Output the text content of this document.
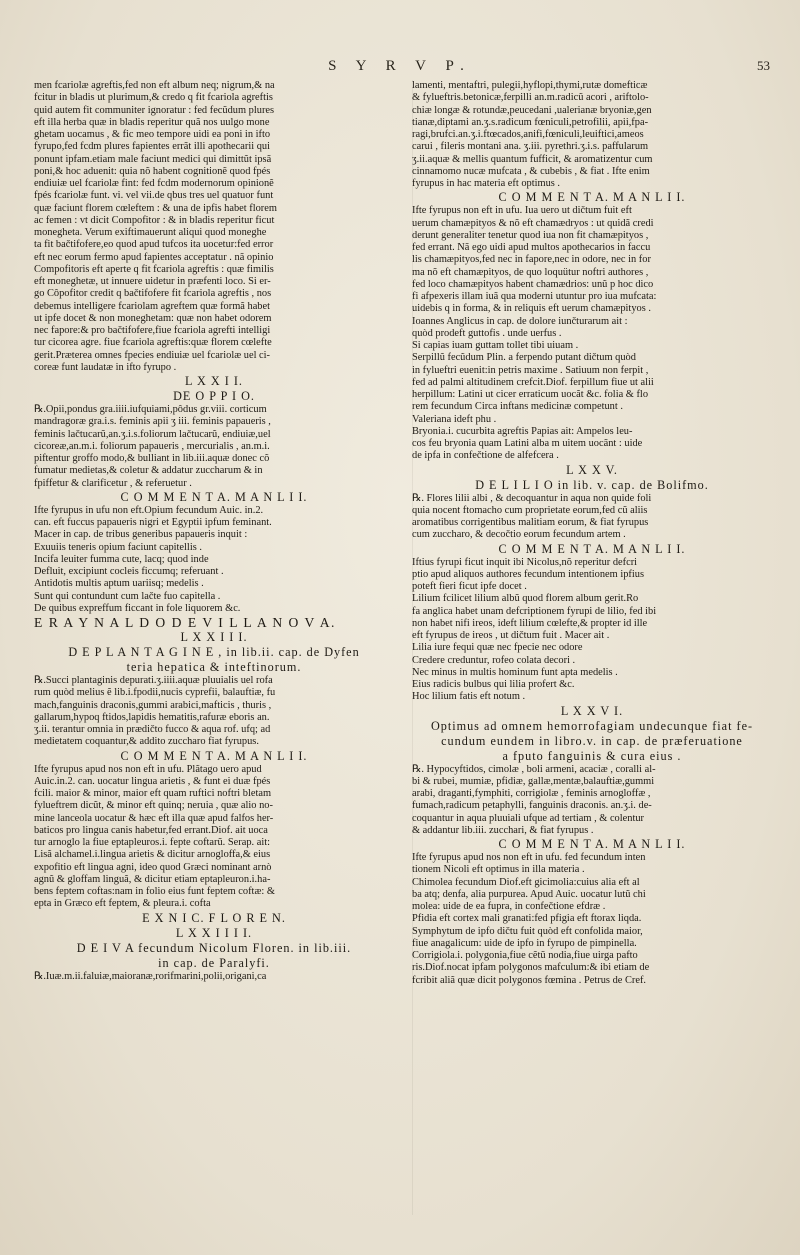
S Y R V P.	53
men fcariolæ agreftis,fed non eft album neq; nigrum,& na
fcitur in bladis ut plurimum,& credo q fit fcariola agreftis
quid autem fit communiter ignoratur : fed fecũdum plures
eft illa herba quæ in bladis reperitur quã nos uulgo mone
ghetam uocamus , & fic meo tempore uidi ea poni in ifto
fyrupo,fed fcdm plures fapientes errãt illi apothecarii qui
ponunt ipfam.etiam male faciunt medici qui dimittũt ipsã
poni,& hoc aduenit: quia nõ habent cognitionẽ quod fpés
endiuiæ uel fcariolæ fint: fed fcdm modernorum opinionẽ
fpés fcariolæ funt. vi. vel vii.de qbus tres uel quatuor funt
quæ faciunt florem cœleftem : & una de ipfis habet florem
ac femen : vt dicit Compofitor : & in bladis reperitur ficut
monegheta. Verum exiftimauerunt aliqui quod moneghe
ta fit bačtifofere,eo quod apud tufcos ita uocetur:fed error
eft nec eorum fermo apud fapientes acceptatur . nã opinio
Compofitoris eft aperte q fit fcariola agreftis : quæ fimilis
eft moneghetæ, ut innuere uidetur in præfenti loco. Si er-
go Côpofitor credit q bačtifofere fit fcariola agreftis , nos
debemus intelligere fcariolam agreftem quæ formã habet
ut ipfe docet & non moneghetam: quæ non habet odorem
nec fapore:& pro bačtifofere,fiue fcariola agrefti intelligi
tur cicorea agre. fiue fcariola agreftis:quæ florem cœlefte
gerit.Præterea omnes fpecies endiuiæ uel fcariolæ uel ci-
coreæ funt laudatæ in ifto fyrupo .
L X X I I.
DE O P P I O.
℞.Opii,pondus gra.iiii.iufquiami,pôdus gr.viii. corticum
mandragoræ gra.i.s. feminis apii ʒ iii. feminis papaueris ,
feminis lačtucarũ,an.ʒ.i.s.foliorum lačtucarũ, endiuiæ,uel
cicoreæ,an.m.i. foliorum papaueris , mercurialis , an.m.i.
piftentur groffo modo,& bulliant in lib.iii.aquæ donec cõ
fumatur medietas,& coletur & addatur zuccharum & in
fpiffetur & clarificetur , & referuetur .
C O M M E N T A. M A N L I I.
Ifte fyrupus in ufu non eft.Opium fecundum Auic. in.2.
can. eft fuccus papaueris nigri et Egyptii ipfum feminant.
Macer in cap. de tribus generibus papaueris inquit :
Exuuiis teneris opium faciunt capitellis .
Incifa leuiter fumma cute, lacq; quod inde
Defluit, excipiunt cocleis ficcumq; referuant .
Antidotis multis aptum uariisq; medelis .
Sunt qui contundunt cum lačte fuo capitella .
De quibus expreffum ficcant in fole liquorem &c.
E R A Y N A L D O D E V I L L A N O V A.
L X X I I I.
D E P L A N T A G I N E , in lib.ii. cap. de Dyfen
teria hepatica & inteftinorum.
℞.Succi plantaginis depurati.ʒ.iiii.aquæ pluuialis uel rofa
rum quòd melius ẽ lib.i.fpodii,nucis cyprefii, balauftiæ, fu
mach,fanguinis draconis,gummi arabici,mafticis , thuris ,
gallarum,hypoq ftidos,lapidis hematitis,rafuræ eboris an.
ʒ.ii. terantur omnia in prædičto fucco & aqua rof. ufq; ad
medietatem coquantur,& addito zuccharo fiat fyrupus.
C O M M E N T A. M A N L I I.
Ifte fyrupus apud nos non eft in ufu. Plãtago uero apud
Auic.in.2. can. uocatur lingua arietis , & funt ei duæ fpés
fcili. maior & minor, maior eft quam ruftici noftri bletam
fylueftrem dicũt, & minor eft quinq; neruia , quæ alio no-
mine lanceola uocatur & hæc eft illa quæ apud falfos her-
baticos pro lingua canis habetur,fed errant.Diof. ait uoca
tur arnoglo la fiue eptapleuros.i. fepte coftarũ. Serap. ait:
Lisã alchamel.i.lingua arietis & dicitur arnogloffa,& eius
expofitio eft lingua agni, ideo quod Græci nominant arnò
agnũ & gloffam linguã, & dicitur etiam eptapleuron.i.ha-
bens feptem coftas:nam in folio eius funt feptem coftæ: &
epta in Græco eft feptem, & pleura.i. cofta
E X N I C. F L O R E N.
L X X I I I I.
D E I V A fecundum Nicolum Floren. in lib.iii.
in cap. de Paralyfi.
℞.Iuæ.m.ii.faluiæ,maioranæ,rorifmarini,polii,origani,ca
lamenti, mentaftri, pulegii,hyflopi,thymi,rutæ domefticæ
& fylueftris.betonicæ,ferpilli an.m.radicũ acori , ariftolo-
chiæ longæ & rotundæ,peucedani ,ualerianæ bryoniæ,gen
tianæ,diptami an.ʒ.s.radicum fœniculi,petrofilii, apii,fpa-
ragi,brufci.an.ʒ.i.ftœcados,anifi,fœniculi,leuiftici,ameos
carui , fileris montani ana. ʒ.iii. pyrethri.ʒ.i.s. paffularum
ʒ.ii.aquæ & mellis quantum fufficit, & aromatizentur cum
cinnamomo nucæ mufcata , & cubebis , & fiat . Ifte enim
fyrupus in hac materia eft optimus .
C O M M E N T A. M A N L I I.
Ifte fyrupus non eft in ufu. Iua uero ut dičtum fuit eft
uerum chamæpityos & nõ eft chamædryos : ut quidã credi
derunt generaliter tenetur quod iua non fit chamæpityos ,
fed errant. Nã ego uidi apud multos apothecarios in faccu
lis chamæpityos,fed nec in fapore,nec in odore, nec in for
ma nõ eft chamæpityos, de quo loquütur noftri authores ,
fed loco chamæpityos habent chamædrios: unũ p hoc dico
fi afpexeris illam iuã qua moderni utuntur pro iua mufcata:
uidebis q in forma, & in reliquis eft uerum chamæpityos .
Ioannes Anglicus in cap. de dolore iunčturarum ait :
quòd prodeft guttofis . unde uerfus .
Si capias iuam guttam tollet tibi uiuam .
Serpillũ fecũdum Plin. a ferpendo putant dičtum quòd
in fylueftri euenit:in petris maxime . Satiuum non ferpit ,
fed ad palmi altitudinem crefcit.Diof. ferpillum fiue ut alii
herpillum: Latini ut cicer erraticum uocãt &c. folia & flo
rem fecundum Circa inftans medicinæ competunt .
Valeriana ideft phu .
Bryonia.i. cucurbita agreftis Papias ait: Ampelos leu-
cos feu bryonia quam Latini alba m uitem uocãnt : uide
de ipfa in confečtione de alfefcera .
L X X V.
D E L I L I O in lib. v. cap. de Bolifmo.
℞. Flores lilii albi , & decoquantur in aqua non quide foli
quia nocent ftomacho cum proprietate eorum,fed cũ aliis
aromatibus corrigentibus malitiam eorum, & fiat fyrupus
cum zuccharo, & decočtio eorum fecundum artem .
C O M M E N T A. M A N L I I.
Iftius fyrupi ficut inquit ibi Nicolus,nõ reperitur defcri
ptio apud aliquos authores fecundum intentionem ipfius
poteft fieri ficut ipfe docet .
Lilium fcilicet lilium albũ quod florem album gerit.Ro
fa anglica habet unam defcriptionem fyrupi de lilio, fed ibi
non habet nifi ireos, ideft lilium cœlefte,& propter id ille
eft fyrupus de ireos , ut dičtum fuit . Macer ait .
Lilia iure fequi quæ nec fpecie nec odore
Credere creduntur, rofeo colata decori .
Nec minus in multis hominum funt apta medelis .
Eius radicis bulbus qui lilia profert &c.
Hoc lilium fatis eft notum .
L X X V I.
Optimus ad omnem hemorrofagiam undecunque fiat fe-
cundum eundem in libro.v. in cap. de præferuatione
a fputo fanguinis & cura eius .
℞. Hypocyftidos, cimolæ , boli armeni, acaciæ , coralli al-
bi & rubei, mumiæ, pfidiæ, gallæ,mentæ,balauftiæ,gummi
arabi, draganti,fymphiti, corrigiolæ , feminis arnogloffæ ,
fumach,radicum petaphylli, fanguinis draconis. an.ʒ.i. de-
coquantur in aqua pluuiali ufque ad tertiam , & colentur
& addantur lib.iii. zucchari, & fiat fyrupus .
C O M M E N T A. M A N L I I.
Ifte fyrupus apud nos non eft in ufu. fed fecundum inten
tionem Nicoli eft optimus in illa materia .
Chimolea fecundum Diof.eft gicimolia:cuius alia eft al
ba atq; denfa, alia purpurea. Apud Auic. uocatur lutũ chi
molea: uide de ea fupra, in confečtione efdræ .
Pfidia eft cortex mali granati:fed pfigia eft ftorax liqda.
Symphytum de ipfo dičtu fuit quòd eft confolida maior,
fiue anagalicum: uide de ipfo in fyrupo de pimpinella.
Corrigiola.i. polygonia,fiue cẽtũ nodia,fiue uirga pafto
ris.Diof.nocat ipfam polygonos mafculum:& ibi etiam de
fcribit aliã quæ dicit polygonos fœmina . Petrus de Cref.
